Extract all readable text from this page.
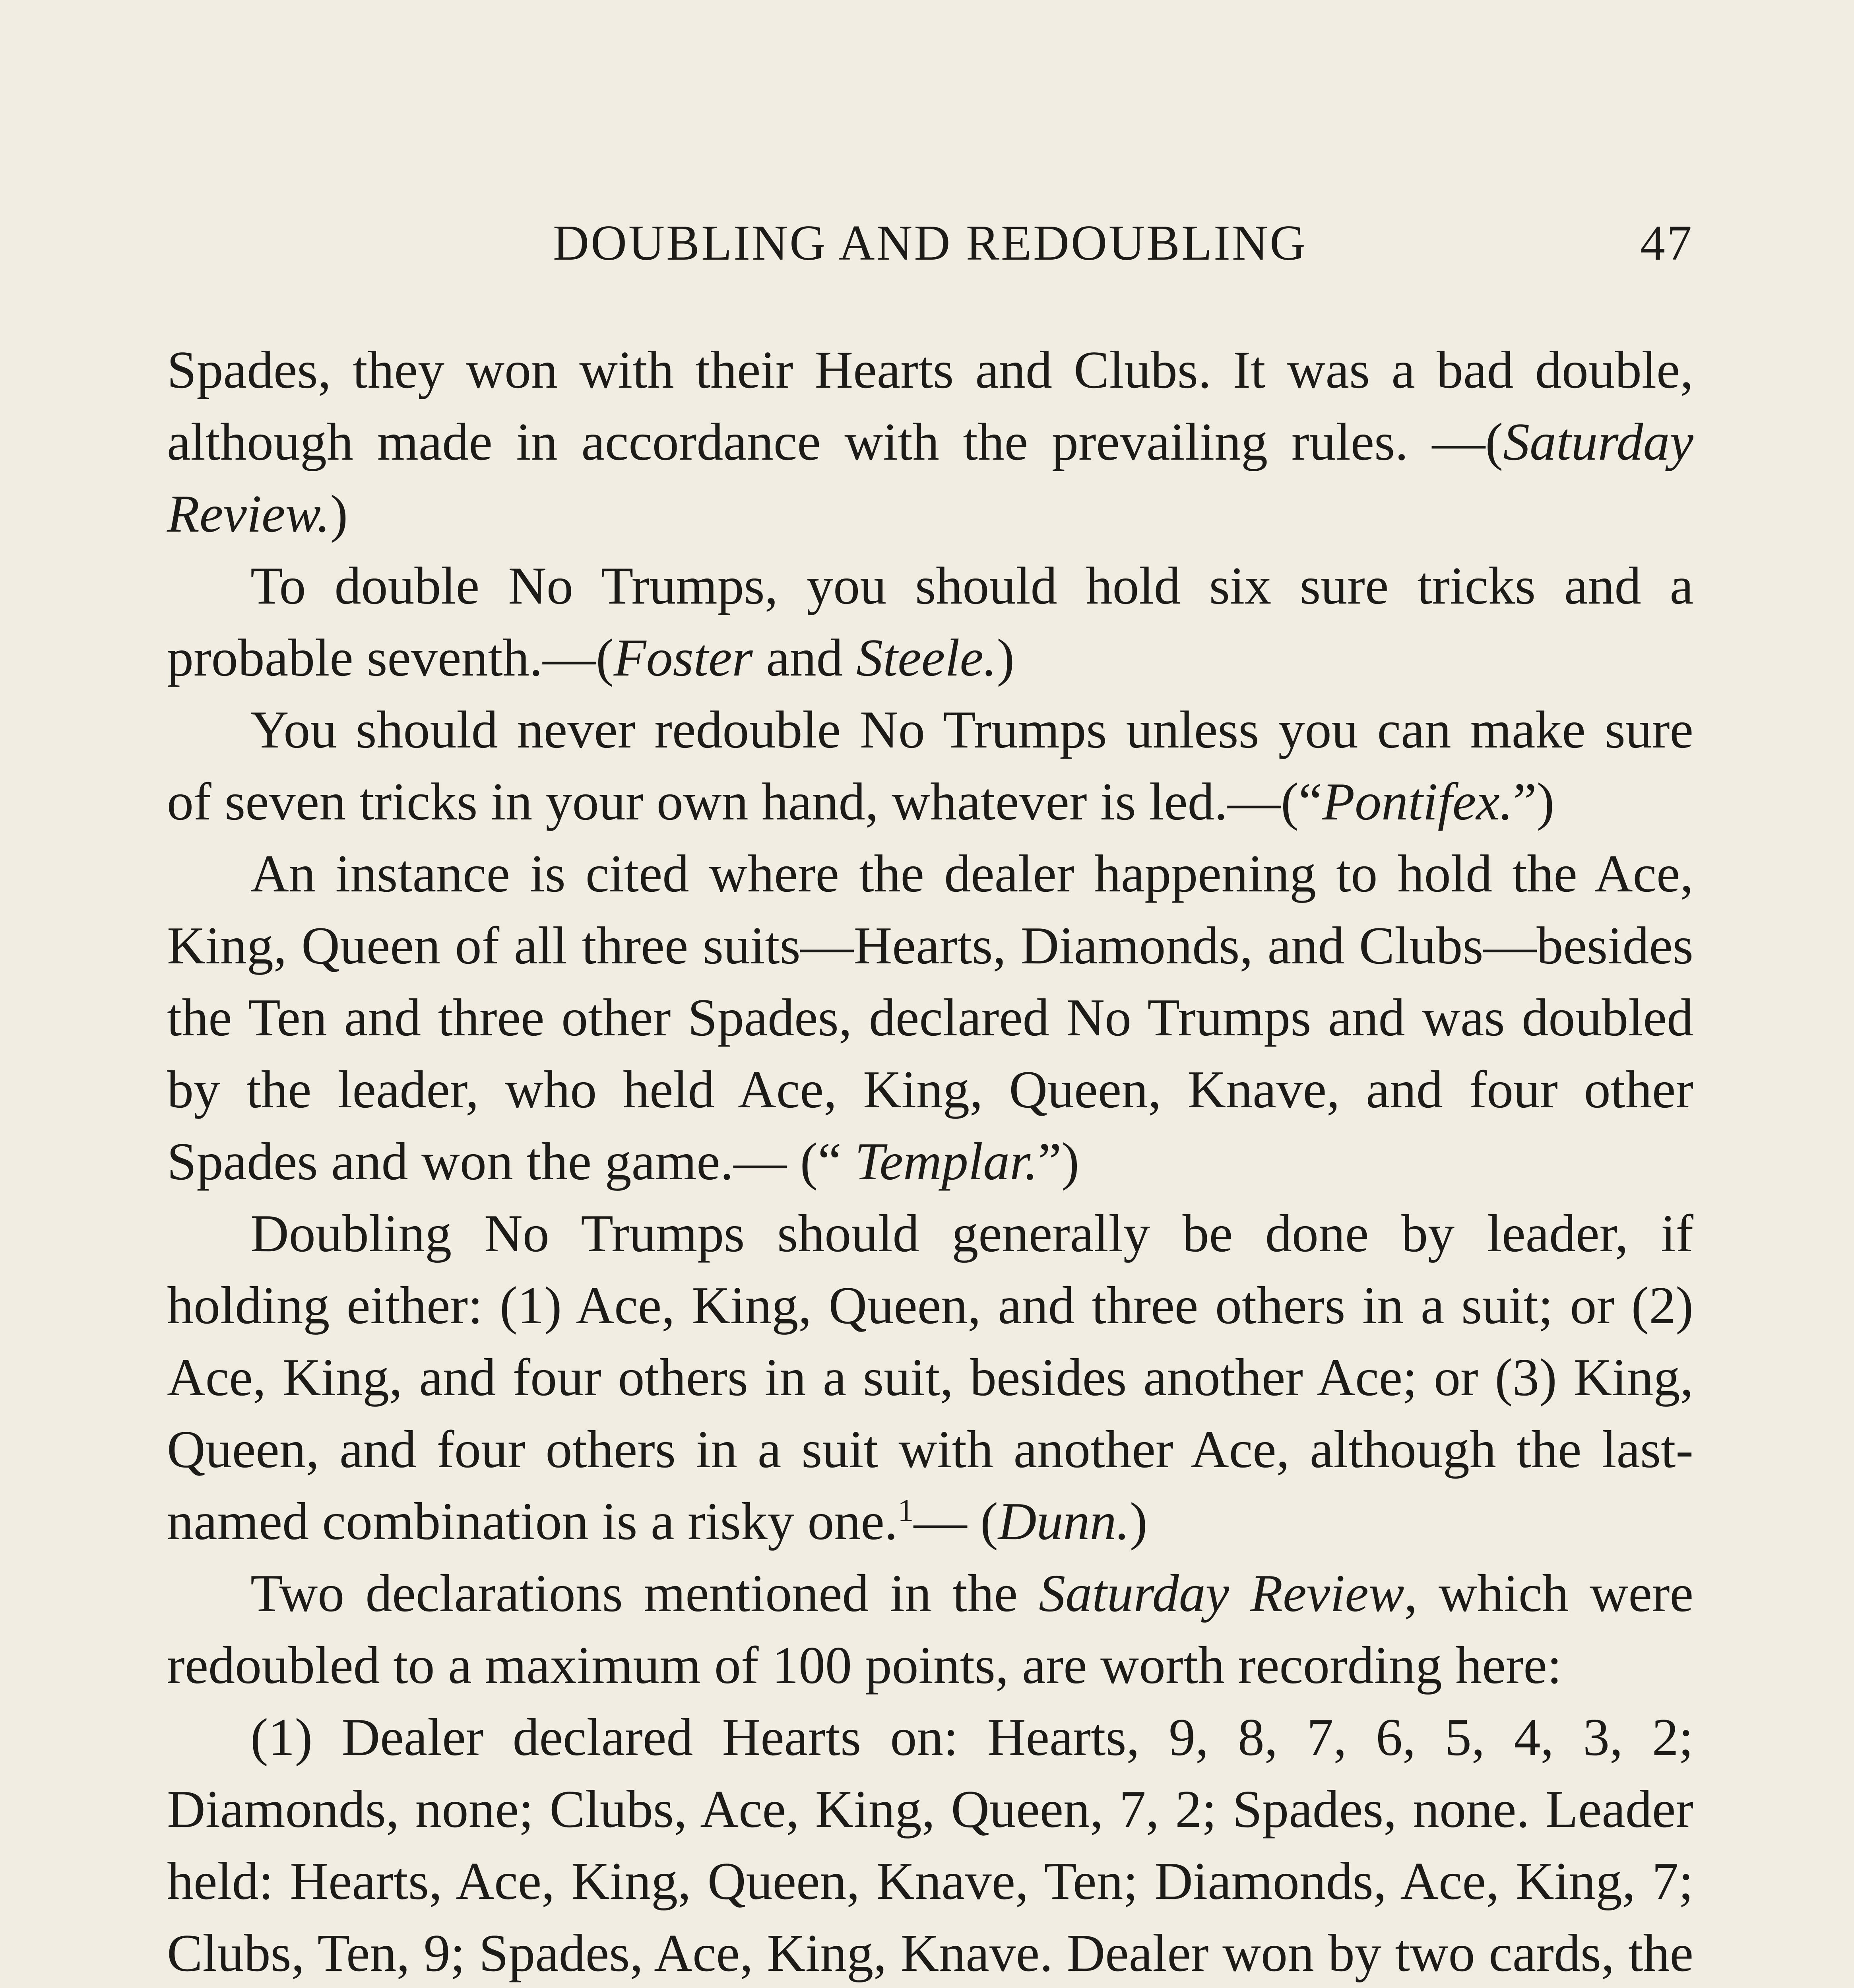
DOUBLING AND REDOUBLING	47

Spades, they won with their Hearts and Clubs. It was a bad double, although made in accordance with the prevailing rules. —(Saturday Review.)

To double No Trumps, you should hold six sure tricks and a probable seventh.—(Foster and Steele.)

You should never redouble No Trumps unless you can make sure of seven tricks in your own hand, whatever is led.—(“Pontifex.”)

An instance is cited where the dealer happening to hold the Ace, King, Queen of all three suits—Hearts, Diamonds, and Clubs—besides the Ten and three other Spades, declared No Trumps and was doubled by the leader, who held Ace, King, Queen, Knave, and four other Spades and won the game.— (“ Templar.”)

Doubling No Trumps should generally be done by leader, if holding either: (1) Ace, King, Queen, and three others in a suit; or (2) Ace, King, and four others in a suit, besides another Ace; or (3) King, Queen, and four others in a suit with another Ace, although the last-named combination is a risky one.$^1$— (Dunn.)

Two declarations mentioned in the Saturday Review, which were redoubled to a maximum of 100 points, are worth recording here:

(1) Dealer declared Hearts on: Hearts, 9, 8, 7, 6, 5, 4, 3, 2; Diamonds, none; Clubs, Ace, King, Queen, 7, 2; Spades, none. Leader held: Hearts, Ace, King, Queen, Knave, Ten; Diamonds, Ace, King, 7; Clubs, Ten, 9; Spades, Ace, King, Knave. Dealer won by two cards, the
